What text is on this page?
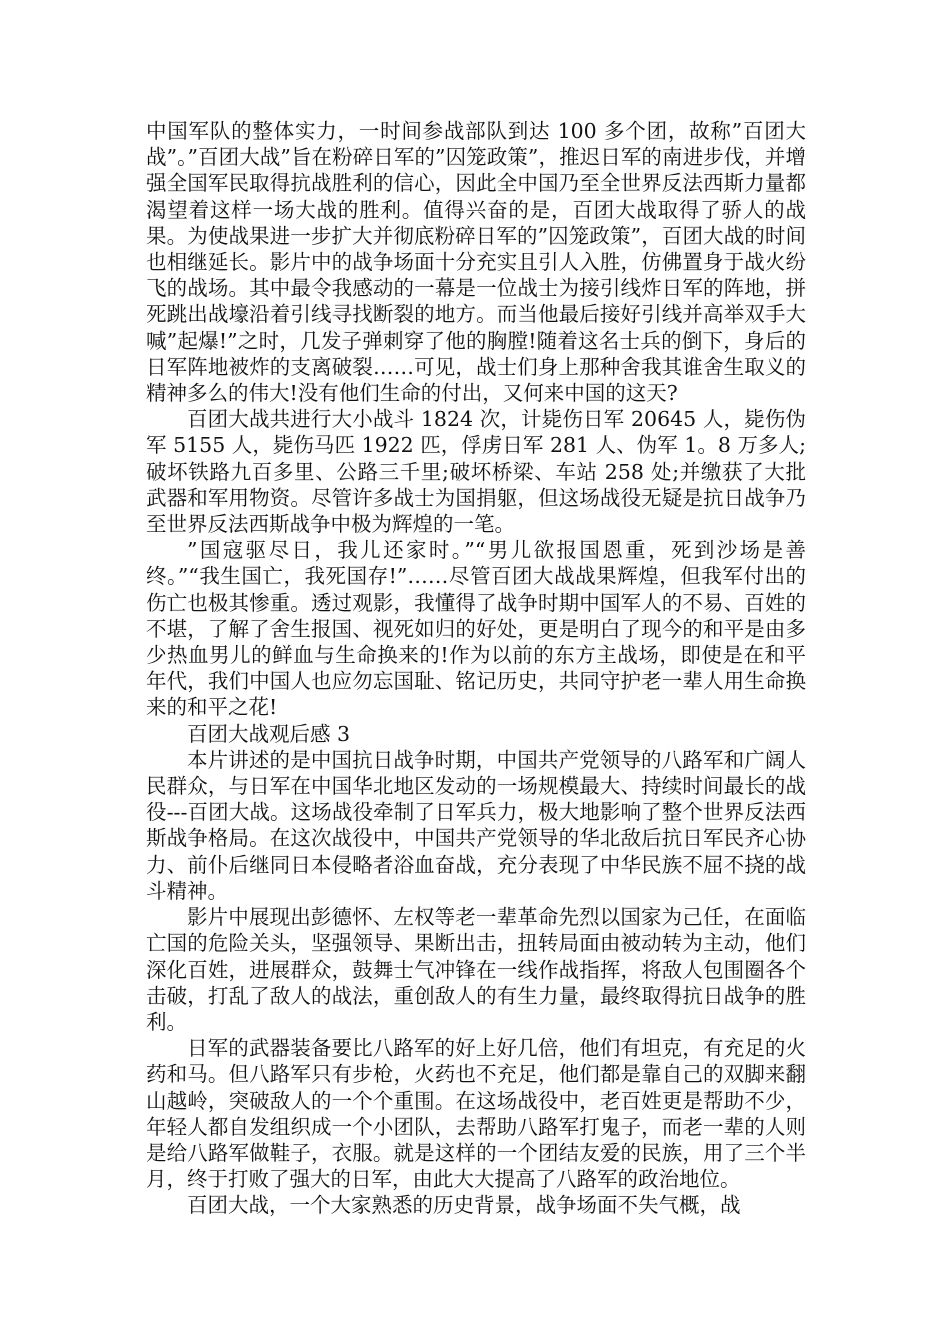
中国军队的整体实力，一时间参战部队到达 100 多个团，故称”百团大战”。”百团大战”旨在粉碎日军的”囚笼政策”，推迟日军的南进步伐，并增强全国军民取得抗战胜利的信心，因此全中国乃至全世界反法西斯力量都渴望着这样一场大战的胜利。值得兴奋的是，百团大战取得了骄人的战果。为使战果进一步扩大并彻底粉碎日军的”囚笼政策”，百团大战的时间也相继延长。影片中的战争场面十分充实且引人入胜，仿佛置身于战火纷飞的战场。其中最令我感动的一幕是一位战士为接引线炸日军的阵地，拼死跳出战壕沿着引线寻找断裂的地方。而当他最后接好引线并高举双手大喊”起爆!”之时，几发子弹刺穿了他的胸膛!随着这名士兵的倒下，身后的日军阵地被炸的支离破裂……可见，战士们身上那种舍我其谁舍生取义的精神多么的伟大!没有他们生命的付出，又何来中国的这天?

百团大战共进行大小战斗 1824 次，计毙伤日军 20645 人，毙伤伪军 5155 人，毙伤马匹 1922 匹，俘虏日军 281 人、伪军 1。8 万多人;破坏铁路九百多里、公路三千里;破坏桥梁、车站 258 处;并缴获了大批武器和军用物资。尽管许多战士为国捐躯，但这场战役无疑是抗日战争乃至世界反法西斯战争中极为辉煌的一笔。

”国寇驱尽日，我儿还家时。”“男儿欲报国恩重，死到沙场是善终。”“我生国亡，我死国存!”……尽管百团大战战果辉煌，但我军付出的伤亡也极其惨重。透过观影，我懂得了战争时期中国军人的不易、百姓的不堪，了解了舍生报国、视死如归的好处，更是明白了现今的和平是由多少热血男儿的鲜血与生命换来的!作为以前的东方主战场，即使是在和平年代，我们中国人也应勿忘国耻、铭记历史，共同守护老一辈人用生命换来的和平之花!

百团大战观后感 3

本片讲述的是中国抗日战争时期，中国共产党领导的八路军和广阔人民群众，与日军在中国华北地区发动的一场规模最大、持续时间最长的战役---百团大战。这场战役牵制了日军兵力，极大地影响了整个世界反法西斯战争格局。在这次战役中，中国共产党领导的华北敌后抗日军民齐心协力、前仆后继同日本侵略者浴血奋战，充分表现了中华民族不屈不挠的战斗精神。

影片中展现出彭德怀、左权等老一辈革命先烈以国家为己任，在面临亡国的危险关头，坚强领导、果断出击，扭转局面由被动转为主动，他们深化百姓，进展群众，鼓舞士气冲锋在一线作战指挥，将敌人包围圈各个击破，打乱了敌人的战法，重创敌人的有生力量，最终取得抗日战争的胜利。

日军的武器装备要比八路军的好上好几倍，他们有坦克，有充足的火药和马。但八路军只有步枪，火药也不充足，他们都是靠自己的双脚来翻山越岭，突破敌人的一个个重围。在这场战役中，老百姓更是帮助不少，年轻人都自发组织成一个小团队，去帮助八路军打鬼子，而老一辈的人则是给八路军做鞋子，衣服。就是这样的一个团结友爱的民族，用了三个半月，终于打败了强大的日军，由此大大提高了八路军的政治地位。

百团大战，一个大家熟悉的历史背景，战争场面不失气概，战
